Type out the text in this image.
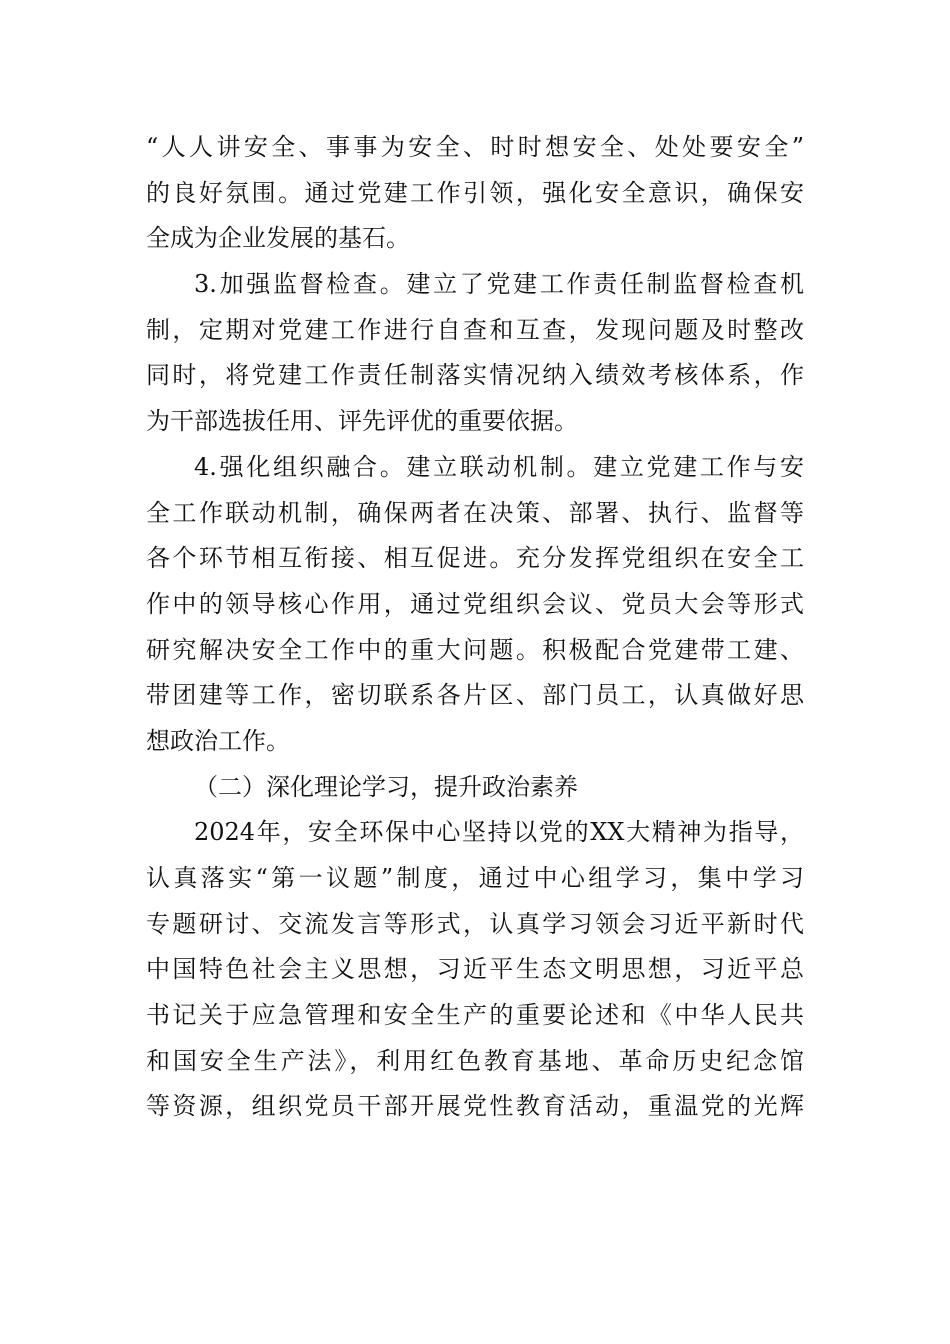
“人人讲安全、事事为安全、时时想安全、处处要安全”
的良好氛围。通过党建工作引领，强化安全意识，确保安
全成为企业发展的基石。
3.加强监督检查。建立了党建工作责任制监督检查机
制，定期对党建工作进行自查和互查，发现问题及时整改
同时，将党建工作责任制落实情况纳入绩效考核体系，作
为干部选拔任用、评先评优的重要依据。
4.强化组织融合。建立联动机制。建立党建工作与安
全工作联动机制，确保两者在决策、部署、执行、监督等
各个环节相互衔接、相互促进。充分发挥党组织在安全工
作中的领导核心作用，通过党组织会议、党员大会等形式
研究解决安全工作中的重大问题。积极配合党建带工建、
带团建等工作，密切联系各片区、部门员工，认真做好思
想政治工作。
（二）深化理论学习，提升政治素养
2024年，安全环保中心坚持以党的XX大精神为指导，
认真落实“第一议题”制度，通过中心组学习，集中学习
专题研讨、交流发言等形式，认真学习领会习近平新时代
中国特色社会主义思想，习近平生态文明思想，习近平总
书记关于应急管理和安全生产的重要论述和《中华人民共
和国安全生产法》，利用红色教育基地、革命历史纪念馆
等资源，组织党员干部开展党性教育活动，重温党的光辉
